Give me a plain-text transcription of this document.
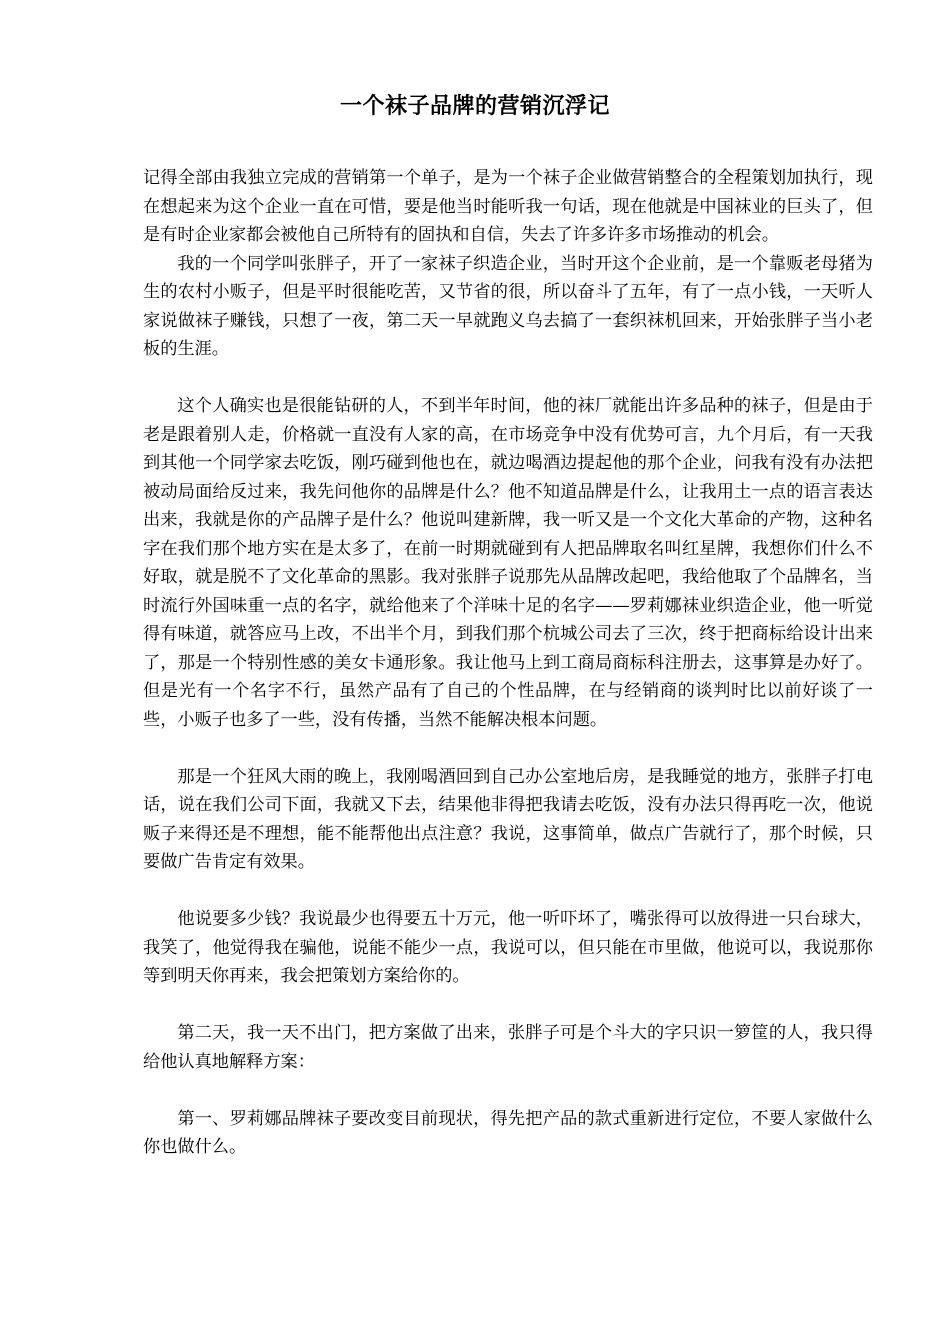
一个袜子品牌的营销沉浮记

记得全部由我独立完成的营销第一个单子，是为一个袜子企业做营销整合的全程策划加执行，现在想起来为这个企业一直在可惜，要是他当时能听我一句话，现在他就是中国袜业的巨头了，但是有时企业家都会被他自己所特有的固执和自信，失去了许多许多市场推动的机会。

我的一个同学叫张胖子，开了一家袜子织造企业，当时开这个企业前，是一个靠贩老母猪为生的农村小贩子，但是平时很能吃苦，又节省的很，所以奋斗了五年，有了一点小钱，一天听人家说做袜子赚钱，只想了一夜，第二天一早就跑义乌去搞了一套织袜机回来，开始张胖子当小老板的生涯。

这个人确实也是很能钻研的人，不到半年时间，他的袜厂就能出许多品种的袜子，但是由于老是跟着别人走，价格就一直没有人家的高，在市场竞争中没有优势可言，九个月后，有一天我到其他一个同学家去吃饭，刚巧碰到他也在，就边喝酒边提起他的那个企业，问我有没有办法把被动局面给反过来，我先问他你的品牌是什么？他不知道品牌是什么，让我用土一点的语言表达出来，我就是你的产品牌子是什么？他说叫建新牌，我一听又是一个文化大革命的产物，这种名字在我们那个地方实在是太多了，在前一时期就碰到有人把品牌取名叫红星牌，我想你们什么不好取，就是脱不了文化革命的黑影。我对张胖子说那先从品牌改起吧，我给他取了个品牌名，当时流行外国味重一点的名字，就给他来了个洋味十足的名字——罗莉娜袜业织造企业，他一听觉得有味道，就答应马上改，不出半个月，到我们那个杭城公司去了三次，终于把商标给设计出来了，那是一个特别性感的美女卡通形象。我让他马上到工商局商标科注册去，这事算是办好了。但是光有一个名字不行，虽然产品有了自己的个性品牌，在与经销商的谈判时比以前好谈了一些，小贩子也多了一些，没有传播，当然不能解决根本问题。

那是一个狂风大雨的晚上，我刚喝酒回到自己办公室地后房，是我睡觉的地方，张胖子打电话，说在我们公司下面，我就又下去，结果他非得把我请去吃饭，没有办法只得再吃一次，他说贩子来得还是不理想，能不能帮他出点注意？我说，这事简单，做点广告就行了，那个时候，只要做广告肯定有效果。

他说要多少钱？我说最少也得要五十万元，他一听吓坏了，嘴张得可以放得进一只台球大，我笑了，他觉得我在骗他，说能不能少一点，我说可以，但只能在市里做，他说可以，我说那你等到明天你再来，我会把策划方案给你的。

第二天，我一天不出门，把方案做了出来，张胖子可是个斗大的字只识一箩筐的人，我只得给他认真地解释方案：

第一、罗莉娜品牌袜子要改变目前现状，得先把产品的款式重新进行定位，不要人家做什么你也做什么。
